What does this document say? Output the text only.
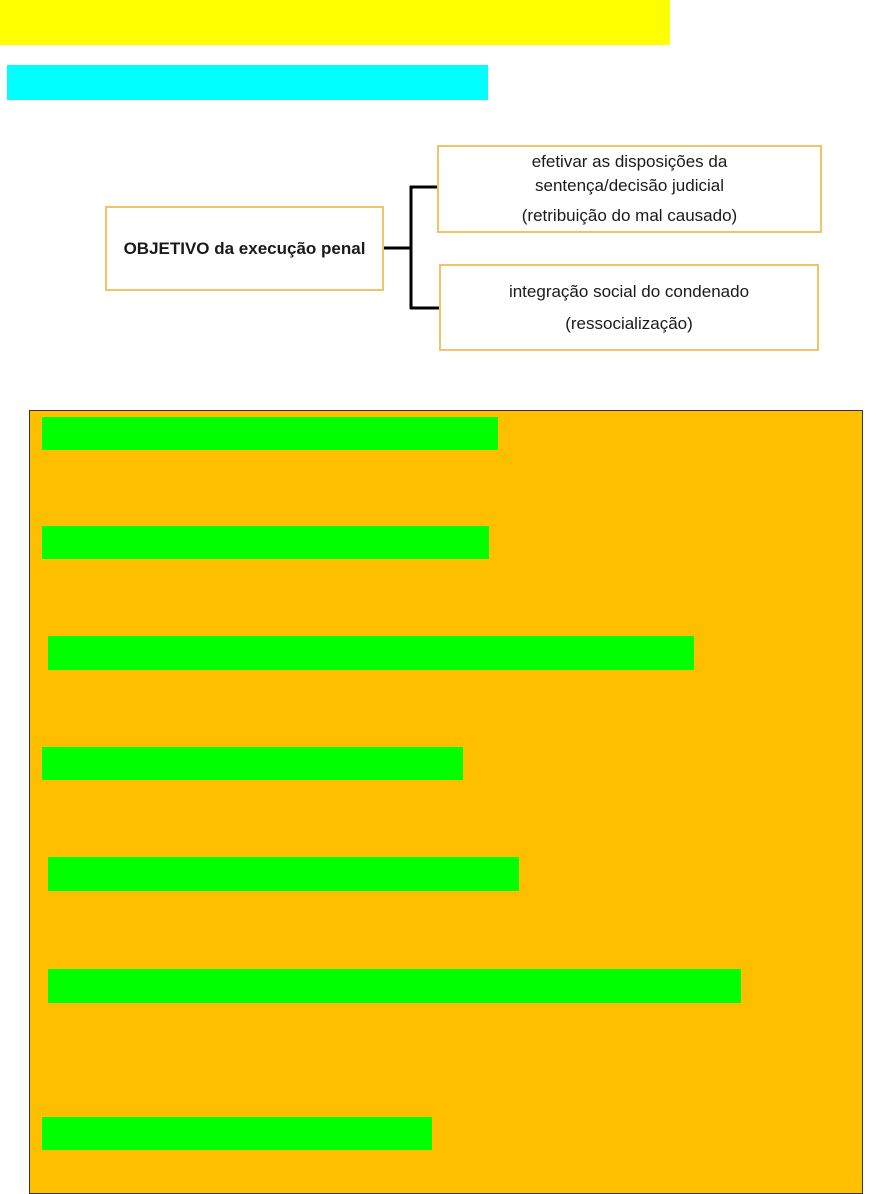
OBJETIVO da execução penal
efetivar as disposições da
sentença/decisão judicial
(retribuição do mal causado)
integração social do condenado
(ressocialização)
